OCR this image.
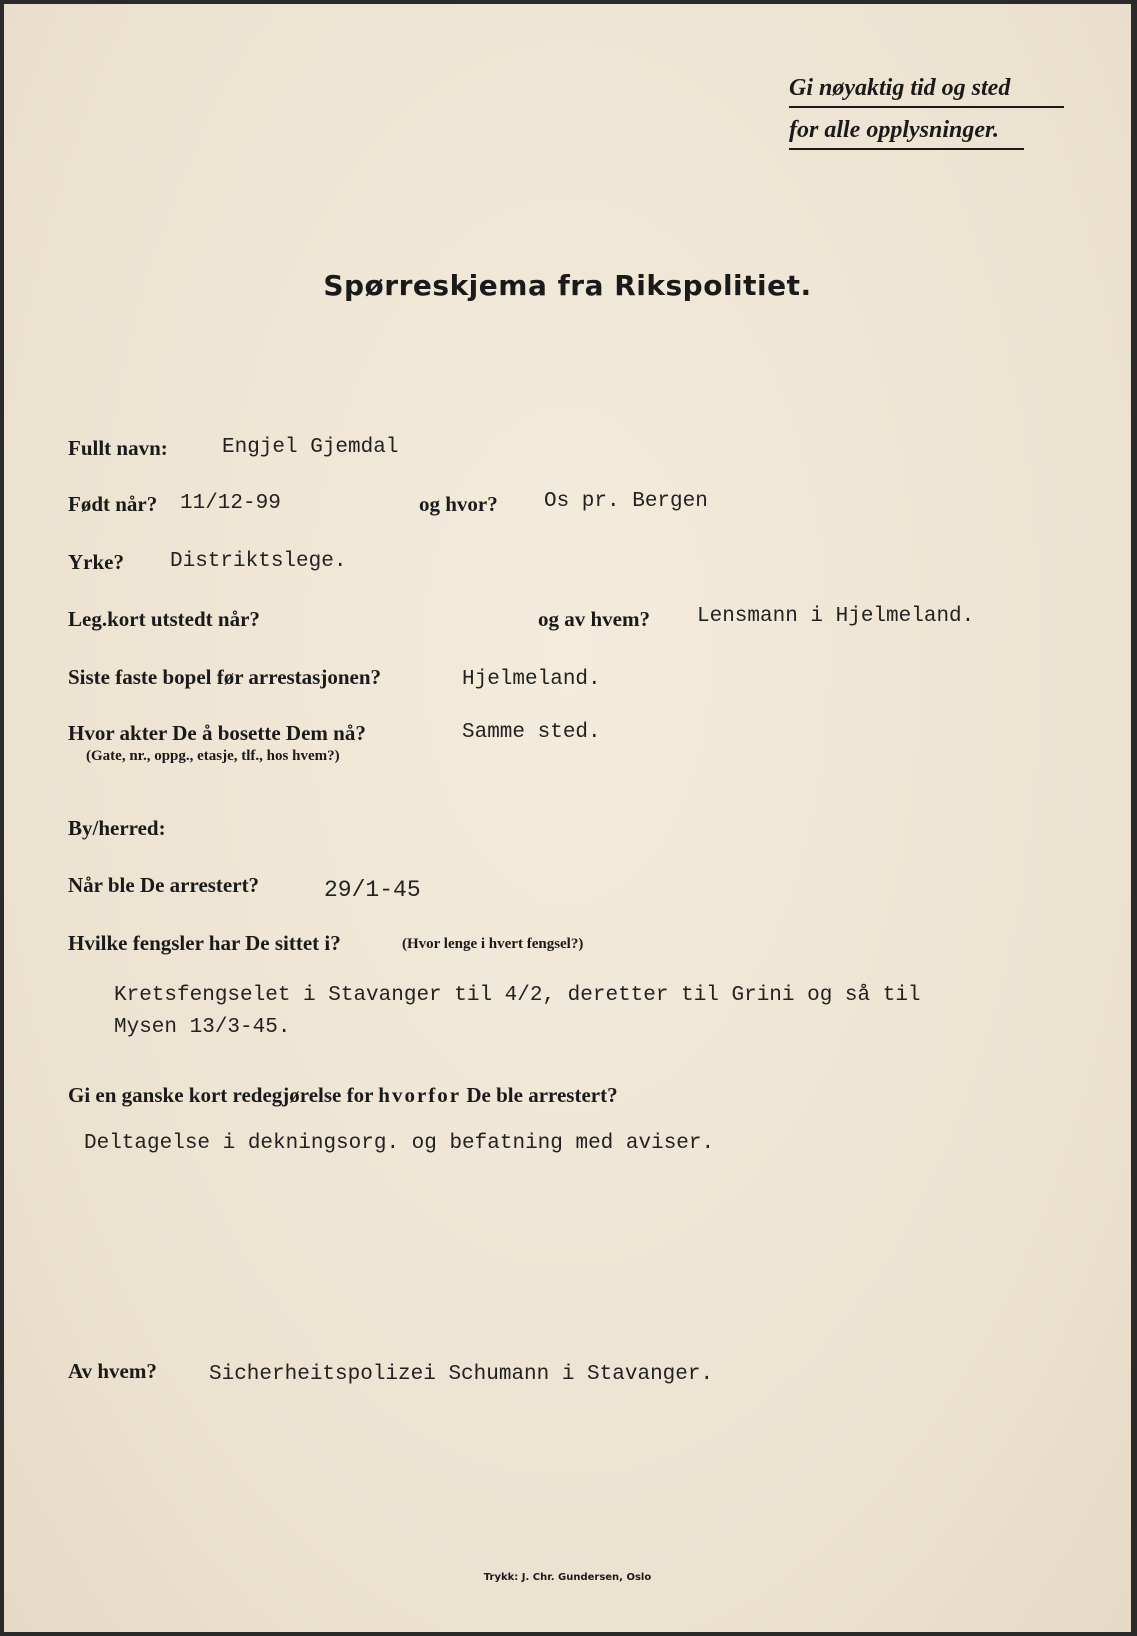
Gi nøyaktig tid og sted
for alle opplysninger.
Spørreskjema fra Rikspolitiet.
Fullt navn:	Engjel Gjemdal
Født når? 11/12-99	og hvor? Os pr. Bergen
Yrke? Distriktslege.
Leg.kort utstedt når?	og av hvem? Lensmann i Hjelmeland.
Siste faste bopel før arrestasjonen?	Hjelmeland.
Hvor akter De å bosette Dem nå?
(Gate, nr., oppg., etasje, tlf., hos hvem?)
Samme sted.
By/herred:
Når ble De arrestert?	29/1-45
Hvilke fengsler har De sittet i?	(Hvor lenge i hvert fengsel?)
Kretsfengselet i Stavanger til 4/2, deretter til Grini og så til
Mysen 13/3-45.
Gi en ganske kort redegjørelse for hvorfor De ble arrestert?
Deltagelse i dekningsorg. og befatning med aviser.
Av hvem? Sicherheitspolizei Schumann i Stavanger.
Trykk: J. Chr. Gundersen, Oslo
